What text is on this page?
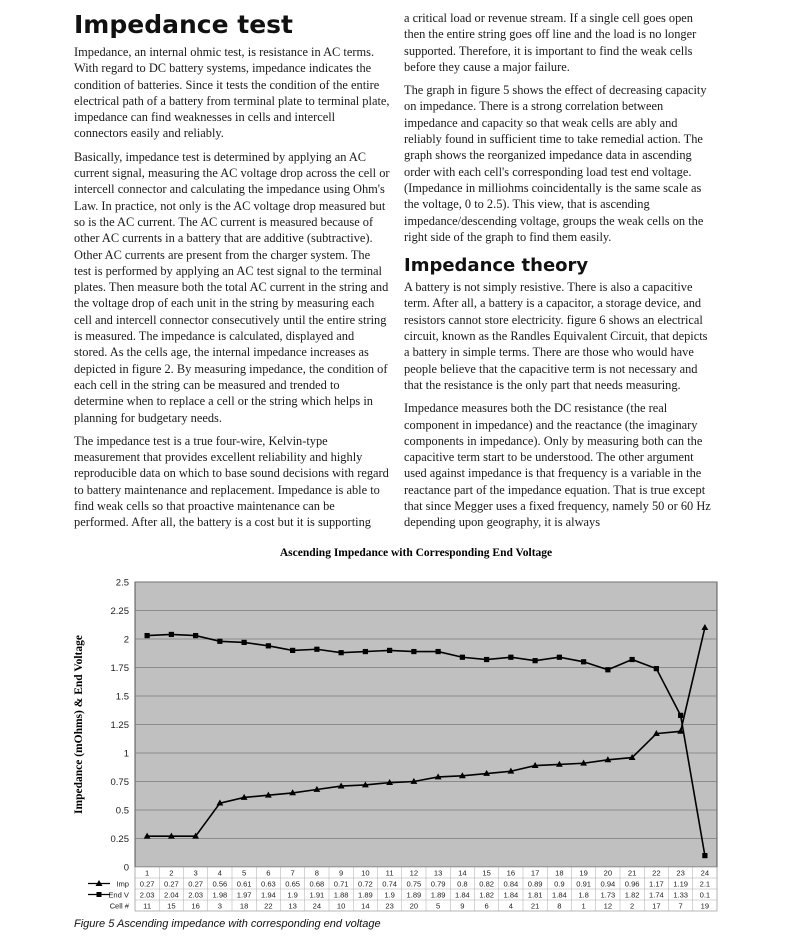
Impedance test

Impedance, an internal ohmic test, is resistance in AC terms. With regard to DC battery systems, impedance indicates the condition of batteries. Since it tests the condition of the entire electrical path of a battery from terminal plate to terminal plate, impedance can find weaknesses in cells and intercell connectors easily and reliably.

Basically, impedance test is determined by applying an AC current signal, measuring the AC voltage drop across the cell or intercell connector and calculating the impedance using Ohm's Law. In practice, not only is the AC voltage drop measured but so is the AC current. The AC current is measured because of other AC currents in a battery that are additive (subtractive). Other AC currents are present from the charger system. The test is performed by applying an AC test signal to the terminal plates. Then measure both the total AC current in the string and the voltage drop of each unit in the string by measuring each cell and intercell connector consecutively until the entire string is measured. The impedance is calculated, displayed and stored. As the cells age, the internal impedance increases as depicted in figure 2. By measuring impedance, the condition of each cell in the string can be measured and trended to determine when to replace a cell or the string which helps in planning for budgetary needs.

The impedance test is a true four-wire, Kelvin-type measurement that provides excellent reliability and highly reproducible data on which to base sound decisions with regard to battery maintenance and replacement. Impedance is able to find weak cells so that proactive maintenance can be performed. After all, the battery is a cost but it is supporting

a critical load or revenue stream. If a single cell goes open then the entire string goes off line and the load is no longer supported. Therefore, it is important to find the weak cells before they cause a major failure.

The graph in figure 5 shows the effect of decreasing capacity on impedance. There is a strong correlation between impedance and capacity so that weak cells are ably and reliably found in sufficient time to take remedial action. The graph shows the reorganized impedance data in ascending order with each cell's corresponding load test end voltage. (Impedance in milliohms coincidentally is the same scale as the voltage, 0 to 2.5). This view, that is ascending impedance/descending voltage, groups the weak cells on the right side of the graph to find them easily.

Impedance theory

A battery is not simply resistive. There is also a capacitive term. After all, a battery is a capacitor, a storage device, and resistors cannot store electricity. figure 6 shows an electrical circuit, known as the Randles Equivalent Circuit, that depicts a battery in simple terms. There are those who would have people believe that the capacitive term is not necessary and that the resistance is the only part that needs measuring.

Impedance measures both the DC resistance (the real component in impedance) and the reactance (the imaginary components in impedance). Only by measuring both can the capacitive term start to be understood. The other argument used against impedance is that frequency is a variable in the reactance part of the impedance equation. That is true except that since Megger uses a fixed frequency, namely 50 or 60 Hz depending upon geography, it is always

Ascending Impedance with Corresponding End Voltage
Impedance (mOhms) & End Voltage
0
0.25
0.5
0.75
1
1.25
1.5
1.75
2
2.25
2.5
1	2	3	4	5	6	7	8	9 10 11 12 13 14 15 16 17 18 19 20 21 22 23 24
0.27 0.27 0.27 0.56 0.61 0.63 0.65 0.68 0.71 0.72 0.74 0.75 0.79 0.8 0.82 0.84 0.89 0.9 0.91 0.94 0.96 1.17 1.19 2.1
Imp
2.03 2.04 2.03 1.98 1.97 1.94 1.9 1.91 1.88 1.89 1.9 1.89 1.89 1.84 1.82 1.84 1.81 1.84 1.8 1.73 1.82 1.74 1.33 0.1
End V
11 15 16 3 18 22 13 24 10 14 23 20 5	9	6	4 21 8	1 12 2 17 7 19
Cell #
Figure 5 Ascending impedance with corresponding end voltage
